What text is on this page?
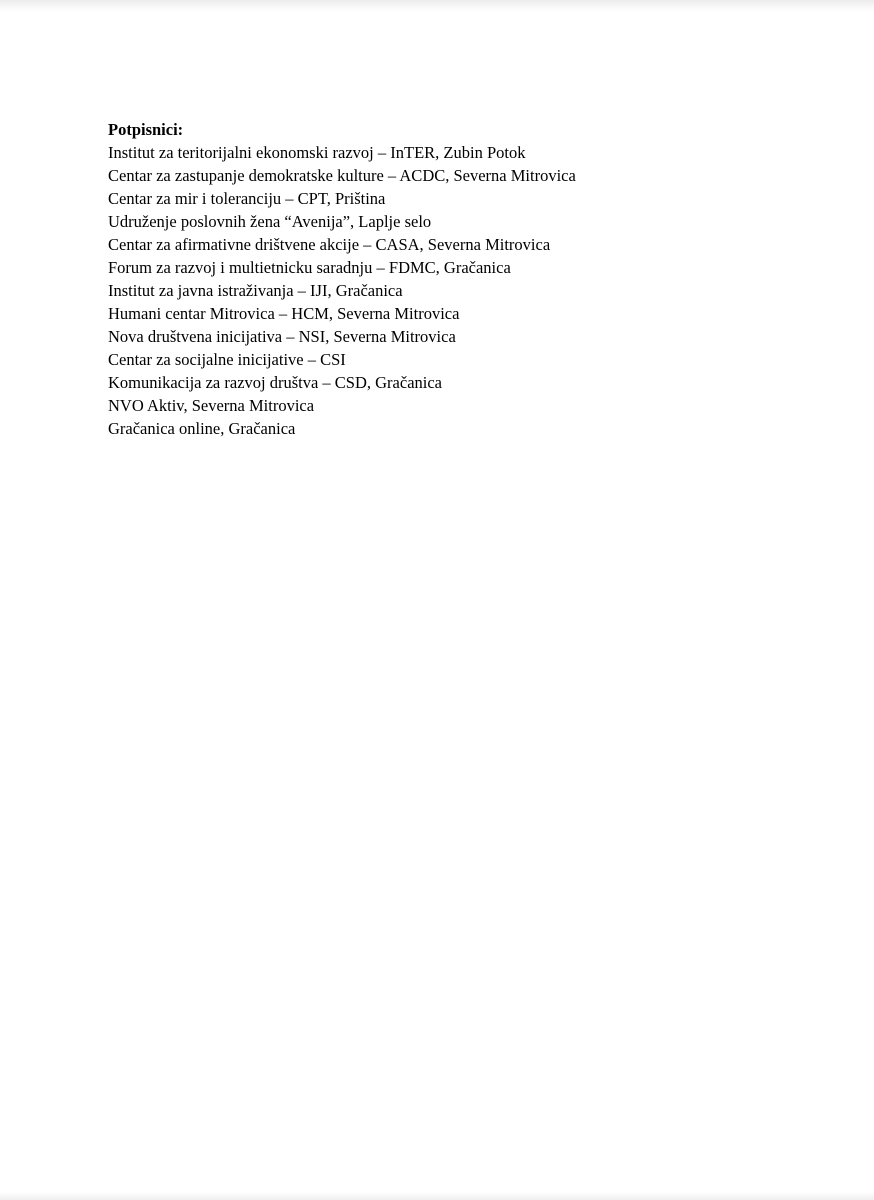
Potpisnici:

Institut za teritorijalni ekonomski razvoj – InTER, Zubin Potok
Centar za zastupanje demokratske kulture – ACDC, Severna Mitrovica
Centar za mir i toleranciju – CPT, Priština
Udruženje poslovnih žena “Avenija”, Laplje selo
Centar za afirmativne drištvene akcije – CASA, Severna Mitrovica
Forum za razvoj i multietnicku saradnju – FDMC, Gračanica
Institut za javna istraživanja – IJI, Gračanica
Humani centar Mitrovica – HCM, Severna Mitrovica
Nova društvena inicijativa – NSI, Severna Mitrovica
Centar za socijalne inicijative – CSI
Komunikacija za razvoj društva – CSD, Gračanica
NVO Aktiv, Severna Mitrovica
Gračanica online, Gračanica
